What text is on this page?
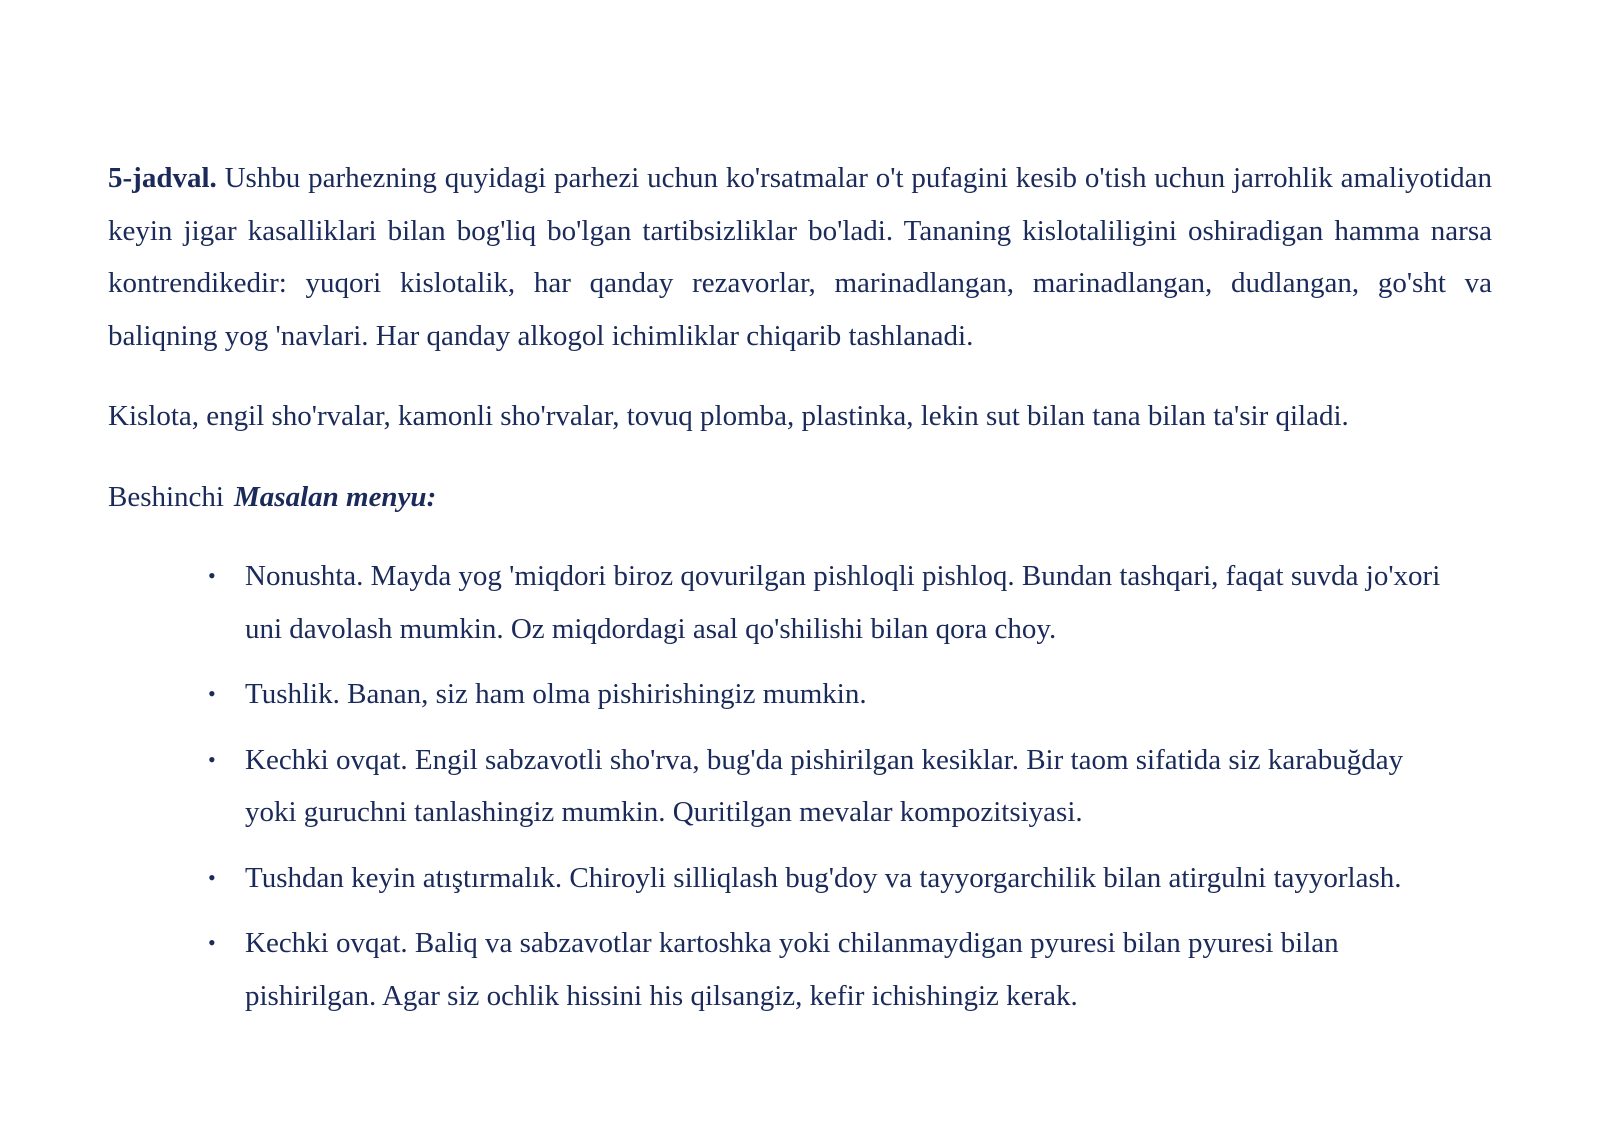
5-jadval. Ushbu parhezning quyidagi parhezi uchun ko'rsatmalar o't pufagini kesib o'tish uchun jarrohlik amaliyotidan keyin jigar kasalliklari bilan bog'liq bo'lgan tartibsizliklar bo'ladi. Tananing kislotaliligini oshiradigan hamma narsa kontrendikedir: yuqori kislotalik, har qanday rezavorlar, marinadlangan, marinadlangan, dudlangan, go'sht va baliqning yog 'navlari. Har qanday alkogol ichimliklar chiqarib tashlanadi.

Kislota, engil sho'rvalar, kamonli sho'rvalar, tovuq plomba, plastinka, lekin sut bilan tana bilan ta'sir qiladi.

Beshinchi Masalan menyu:

• Nonushta. Mayda yog 'miqdori biroz qovurilgan pishloqli pishloq. Bundan tashqari, faqat suvda jo'xori uni davolash mumkin. Oz miqdordagi asal qo'shilishi bilan qora choy.
• Tushlik. Banan, siz ham olma pishirishingiz mumkin.
• Kechki ovqat. Engil sabzavotli sho'rva, bug'da pishirilgan kesiklar. Bir taom sifatida siz karabuğday yoki guruchni tanlashingiz mumkin. Quritilgan mevalar kompozitsiyasi.
• Tushdan keyin atıştırmalık. Chiroyli silliqlash bug'doy va tayyorgarchilik bilan atirgulni tayyorlash.
• Kechki ovqat. Baliq va sabzavotlar kartoshka yoki chilanmaydigan pyuresi bilan pyuresi bilan pishirilgan. Agar siz ochlik hissini his qilsangiz, kefir ichishingiz kerak.
